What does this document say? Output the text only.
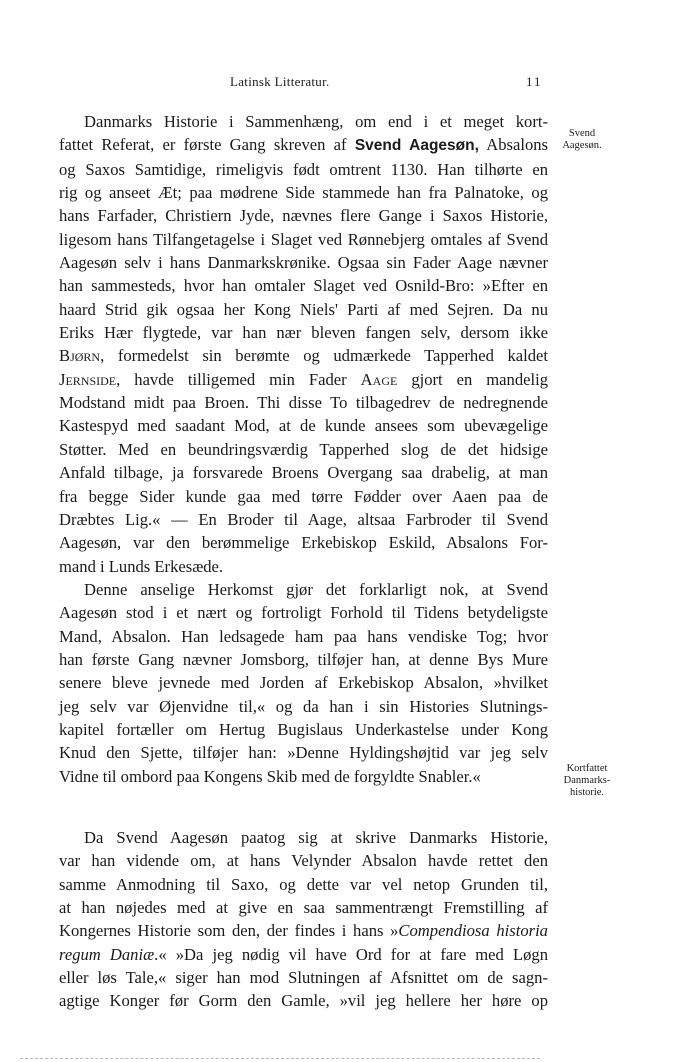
Latinsk Litteratur.	11
Svend
Aagesøn.
Kortfattet
Danmarks-
historie.

Danmarks Historie i Sammenhæng, om end i et meget kort-
fattet Referat, er første Gang skreven af Svend Aagesøn, Absalons
og Saxos Samtidige, rimeligvis født omtrent 1130. Han tilhørte en
rig og anseet Æt; paa mødrene Side stammede han fra Palnatoke, og
hans Farfader, Christiern Jyde, nævnes flere Gange i Saxos Historie,
ligesom hans Tilfangetagelse i Slaget ved Rønnebjerg omtales af Svend
Aagesøn selv i hans Danmarkskrønike. Ogsaa sin Fader Aage nævner
han sammesteds, hvor han omtaler Slaget ved Osnild-Bro: »Efter en
haard Strid gik ogsaa her Kong Niels' Parti af med Sejren. Da nu
Eriks Hær flygtede, var han nær bleven fangen selv, dersom ikke
Bjørn, formedelst sin berømte og udmærkede Tapperhed kaldet
Jernside, havde tilligemed min Fader Aage gjort en mandelig
Modstand midt paa Broen. Thi disse To tilbagedrev de nedregnende
Kastespyd med saadant Mod, at de kunde ansees som ubevægelige
Støtter. Med en beundringsværdig Tapperhed slog de det hidsige
Anfald tilbage, ja forsvarede Broens Overgang saa drabelig, at man
fra begge Sider kunde gaa med tørre Fødder over Aaen paa de
Dræbtes Lig.« — En Broder til Aage, altsaa Farbroder til Svend
Aagesøn, var den berømmelige Erkebiskop Eskild, Absalons For-
mand i Lunds Erkesæde.

Denne anselige Herkomst gjør det forklarligt nok, at Svend
Aagesøn stod i et nært og fortroligt Forhold til Tidens betydeligste
Mand, Absalon. Han ledsagede ham paa hans vendiske Tog; hvor
han første Gang nævner Jomsborg, tilføjer han, at denne Bys Mure
senere bleve jevnede med Jorden af Erkebiskop Absalon, »hvilket
jeg selv var Øjenvidne til,« og da han i sin Histories Slutnings-
kapitel fortæller om Hertug Bugislaus Underkastelse under Kong
Knud den Sjette, tilføjer han: »Denne Hyldingshøjtid var jeg selv
Vidne til ombord paa Kongens Skib med de forgyldte Snabler.«

Da Svend Aagesøn paatog sig at skrive Danmarks Historie,
var han vidende om, at hans Velynder Absalon havde rettet den
samme Anmodning til Saxo, og dette var vel netop Grunden til,
at han nøjedes med at give en saa sammentrængt Fremstilling af
Kongernes Historie som den, der findes i hans »Compendiosa historia
regum Daniæ.« »Da jeg nødig vil have Ord for at fare med Løgn
eller løs Tale,« siger han mod Slutningen af Afsnittet om de sagn-
agtige Konger før Gorm den Gamle, »vil jeg hellere her høre op
